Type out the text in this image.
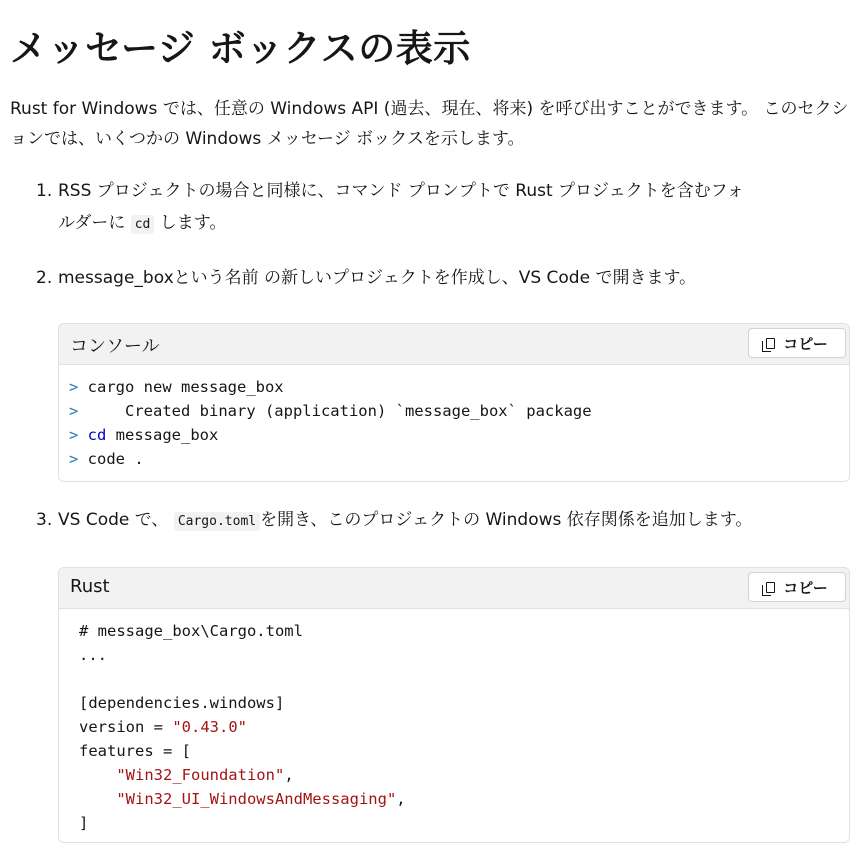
メッセージ ボックスの表示

Rust for Windows では、任意の Windows API (過去、現在、将来) を呼び出すことができます。 このセクションでは、いくつかの Windows メッセージ ボックスを示します。

1. RSS プロジェクトの場合と同様に、コマンド プロンプトで Rust プロジェクトを含むフォ
ルダーに cd します。
2. message_boxという名前 の新しいプロジェクトを作成し、VS Code で開きます。
コンソール	コピー
> cargo new message_box
>     Created binary (application) `message_box` package
> cd message_box
> code .
3. VS Code で、 Cargo.toml を開き、このプロジェクトの Windows 依存関係を追加します。
Rust	コピー
# message_box\Cargo.toml
...
[dependencies.windows]
version = "0.43.0"
features = [
"Win32_Foundation",
"Win32_UI_WindowsAndMessaging",
]
